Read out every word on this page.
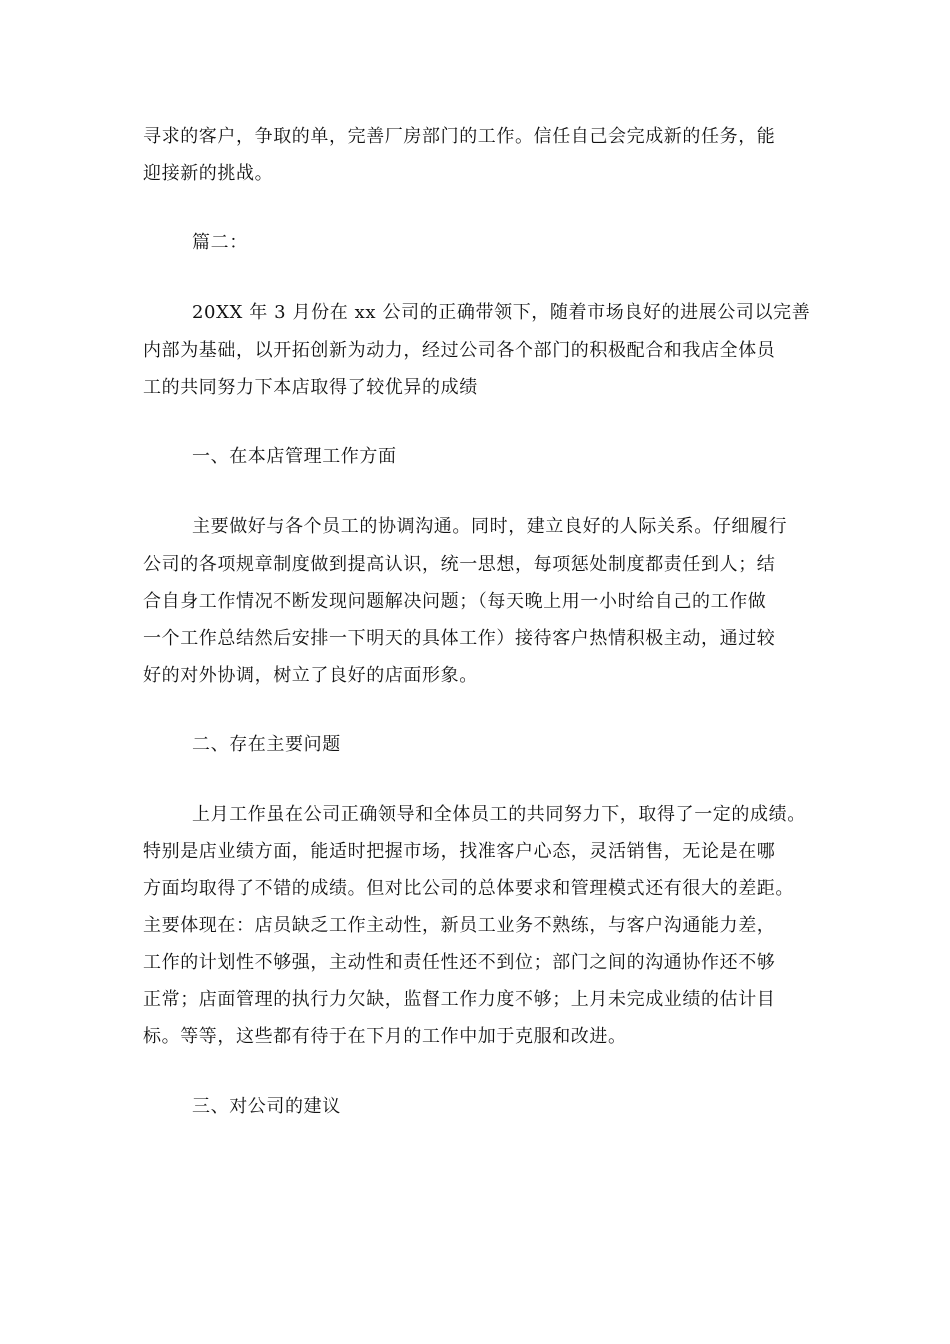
寻求的客户，争取的单，完善厂房部门的工作。信任自己会完成新的任务，能
迎接新的挑战。
篇二：
20XX 年 3 月份在 xx 公司的正确带领下，随着市场良好的进展公司以完善
内部为基础，以开拓创新为动力，经过公司各个部门的积极配合和我店全体员
工的共同努力下本店取得了较优异的成绩
一、在本店管理工作方面
主要做好与各个员工的协调沟通。同时，建立良好的人际关系。仔细履行
公司的各项规章制度做到提高认识，统一思想，每项惩处制度都责任到人；结
合自身工作情况不断发现问题解决问题；（每天晚上用一小时给自己的工作做
一个工作总结然后安排一下明天的具体工作）接待客户热情积极主动，通过较
好的对外协调，树立了良好的店面形象。
二、存在主要问题
上月工作虽在公司正确领导和全体员工的共同努力下，取得了一定的成绩。
特别是店业绩方面，能适时把握市场，找准客户心态，灵活销售，无论是在哪
方面均取得了不错的成绩。但对比公司的总体要求和管理模式还有很大的差距。
主要体现在：店员缺乏工作主动性，新员工业务不熟练，与客户沟通能力差，
工作的计划性不够强，主动性和责任性还不到位；部门之间的沟通协作还不够
正常；店面管理的执行力欠缺，监督工作力度不够；上月未完成业绩的估计目
标。等等，这些都有待于在下月的工作中加于克服和改进。
三、对公司的建议
